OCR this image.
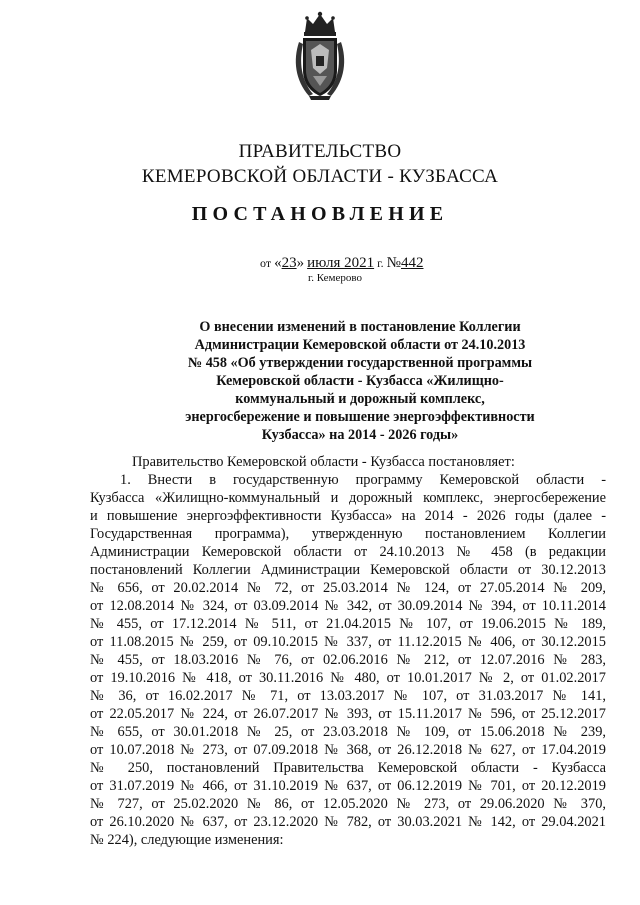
ПРАВИТЕЛЬСТВО
КЕМЕРОВСКОЙ ОБЛАСТИ - КУЗБАССА
ПОСТАНОВЛЕНИЕ
от «23» июля 2021 г. №442
г. Кемерово
О внесении изменений в постановление Коллегии
Администрации Кемеровской области от 24.10.2013
№ 458 «Об утверждении государственной программы
Кемеровской области - Кузбасса «Жилищно-
коммунальный и дорожный комплекс,
энергосбережение и повышение энергоэффективности
Кузбасса» на 2014 - 2026 годы»
Правительство Кемеровской области - Кузбасса постановляет:
1. Внести в государственную программу Кемеровской области -
Кузбасса «Жилищно-коммунальный и дорожный комплекс, энергосбережение
и повышение энергоэффективности Кузбасса» на 2014 - 2026 годы (далее -
Государственная программа), утвержденную постановлением Коллегии
Администрации Кемеровской области от 24.10.2013 № 458 (в редакции
постановлений Коллегии Администрации Кемеровской области от 30.12.2013
№ 656, от 20.02.2014 № 72, от 25.03.2014 № 124, от 27.05.2014 № 209,
от 12.08.2014 № 324, от 03.09.2014 № 342, от 30.09.2014 № 394, от 10.11.2014
№ 455, от 17.12.2014 № 511, от 21.04.2015 № 107, от 19.06.2015 № 189,
от 11.08.2015 № 259, от 09.10.2015 № 337, от 11.12.2015 № 406, от 30.12.2015
№ 455, от 18.03.2016 № 76, от 02.06.2016 № 212, от 12.07.2016 № 283,
от 19.10.2016 № 418, от 30.11.2016 № 480, от 10.01.2017 № 2, от 01.02.2017
№ 36, от 16.02.2017 № 71, от 13.03.2017 № 107, от 31.03.2017 № 141,
от 22.05.2017 № 224, от 26.07.2017 № 393, от 15.11.2017 № 596, от 25.12.2017
№ 655, от 30.01.2018 № 25, от 23.03.2018 № 109, от 15.06.2018 № 239,
от 10.07.2018 № 273, от 07.09.2018 № 368, от 26.12.2018 № 627, от 17.04.2019
№ 250, постановлений Правительства Кемеровской области - Кузбасса
от 31.07.2019 № 466, от 31.10.2019 № 637, от 06.12.2019 № 701, от 20.12.2019
№ 727, от 25.02.2020 № 86, от 12.05.2020 № 273, от 29.06.2020 № 370,
от 26.10.2020 № 637, от 23.12.2020 № 782, от 30.03.2021 № 142, от 29.04.2021
№ 224), следующие изменения:
